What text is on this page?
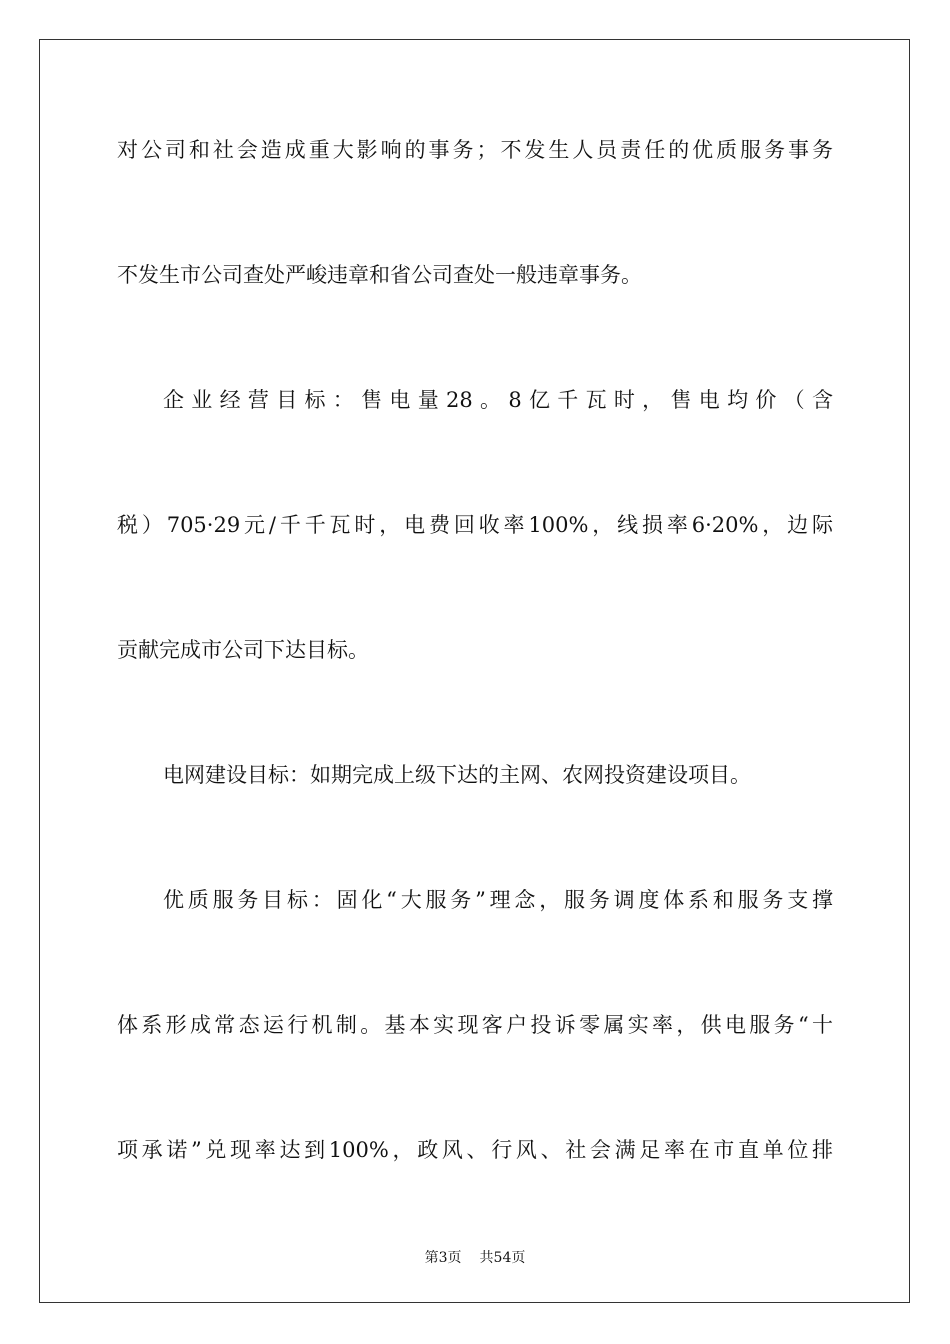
对公司和社会造成重大影响的事务；不发生人员责任的优质服务事务
不发生市公司查处严峻违章和省公司查处一般违章事务。
企业经营目标：售电量28。8亿千瓦时，售电均价（含
税）705·29元/千千瓦时，电费回收率100%，线损率6·20%，边际
贡献完成市公司下达目标。
电网建设目标：如期完成上级下达的主网、农网投资建设项目。
优质服务目标：固化“大服务”理念，服务调度体系和服务支撑
体系形成常态运行机制。基本实现客户投诉零属实率，供电服务“十
项承诺”兑现率达到100%，政风、行风、社会满足率在市直单位排
第3页 共54页
